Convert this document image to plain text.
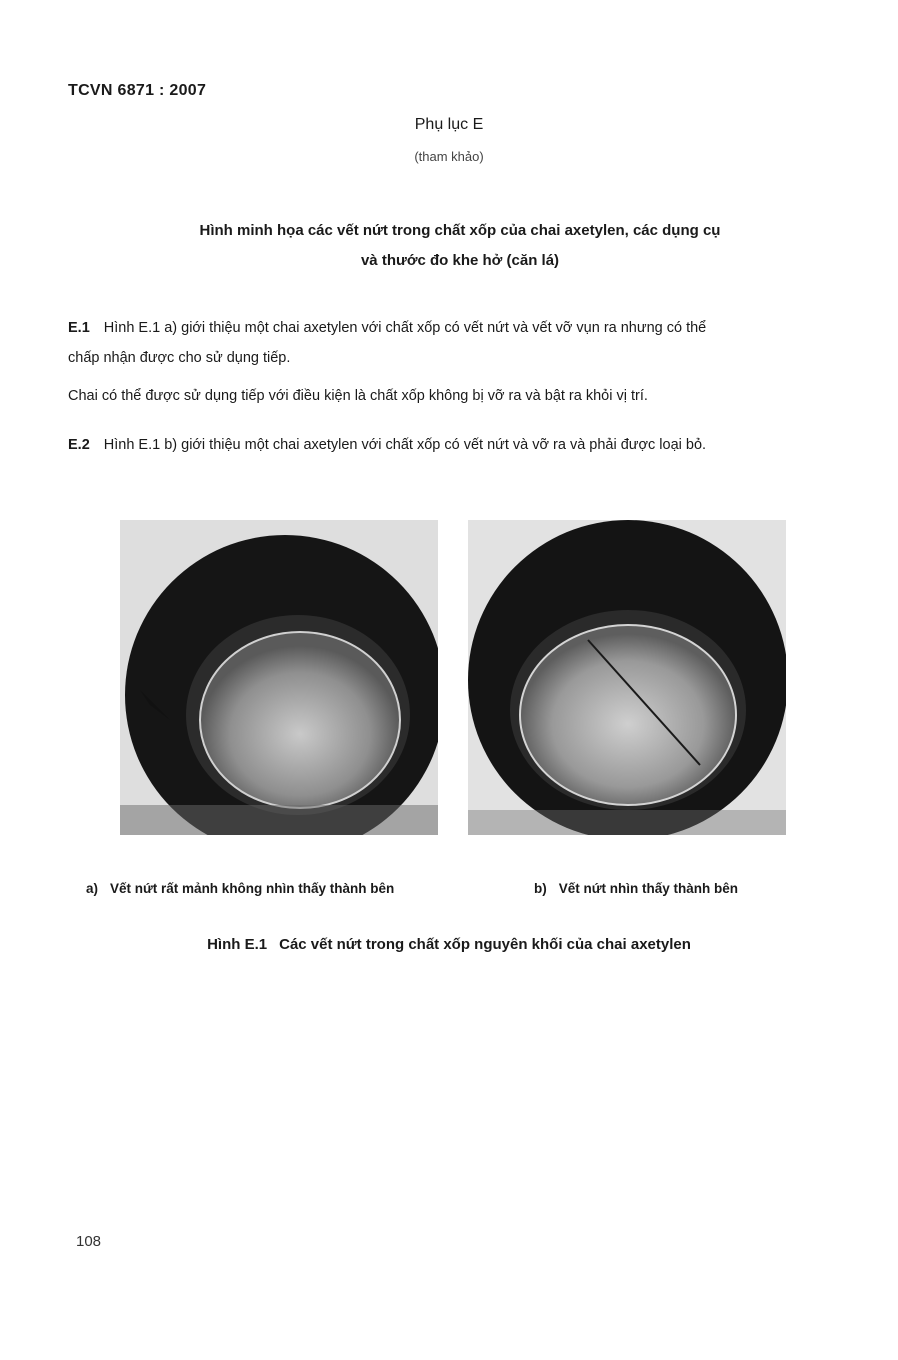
TCVN 6871 : 2007
Phụ lục E
(tham khảo)
Hình minh họa các vết nứt trong chất xốp của chai axetylen, các dụng cụ
và thước đo khe hở (căn lá)
E.1 Hình E.1 a) giới thiệu một chai axetylen với chất xốp có vết nứt và vết vỡ vụn ra nhưng có thể
chấp nhận được cho sử dụng tiếp.
Chai có thể được sử dụng tiếp với điều kiện là chất xốp không bị vỡ ra và bật ra khỏi vị trí.
E.2 Hình E.1 b) giới thiệu một chai axetylen với chất xốp có vết nứt và vỡ ra và phải được loại bỏ.
a) Vết nứt rất mảnh không nhìn thấy thành bên	b) Vết nứt nhìn thấy thành bên
Hình E.1 Các vết nứt trong chất xốp nguyên khối của chai axetylen
108
